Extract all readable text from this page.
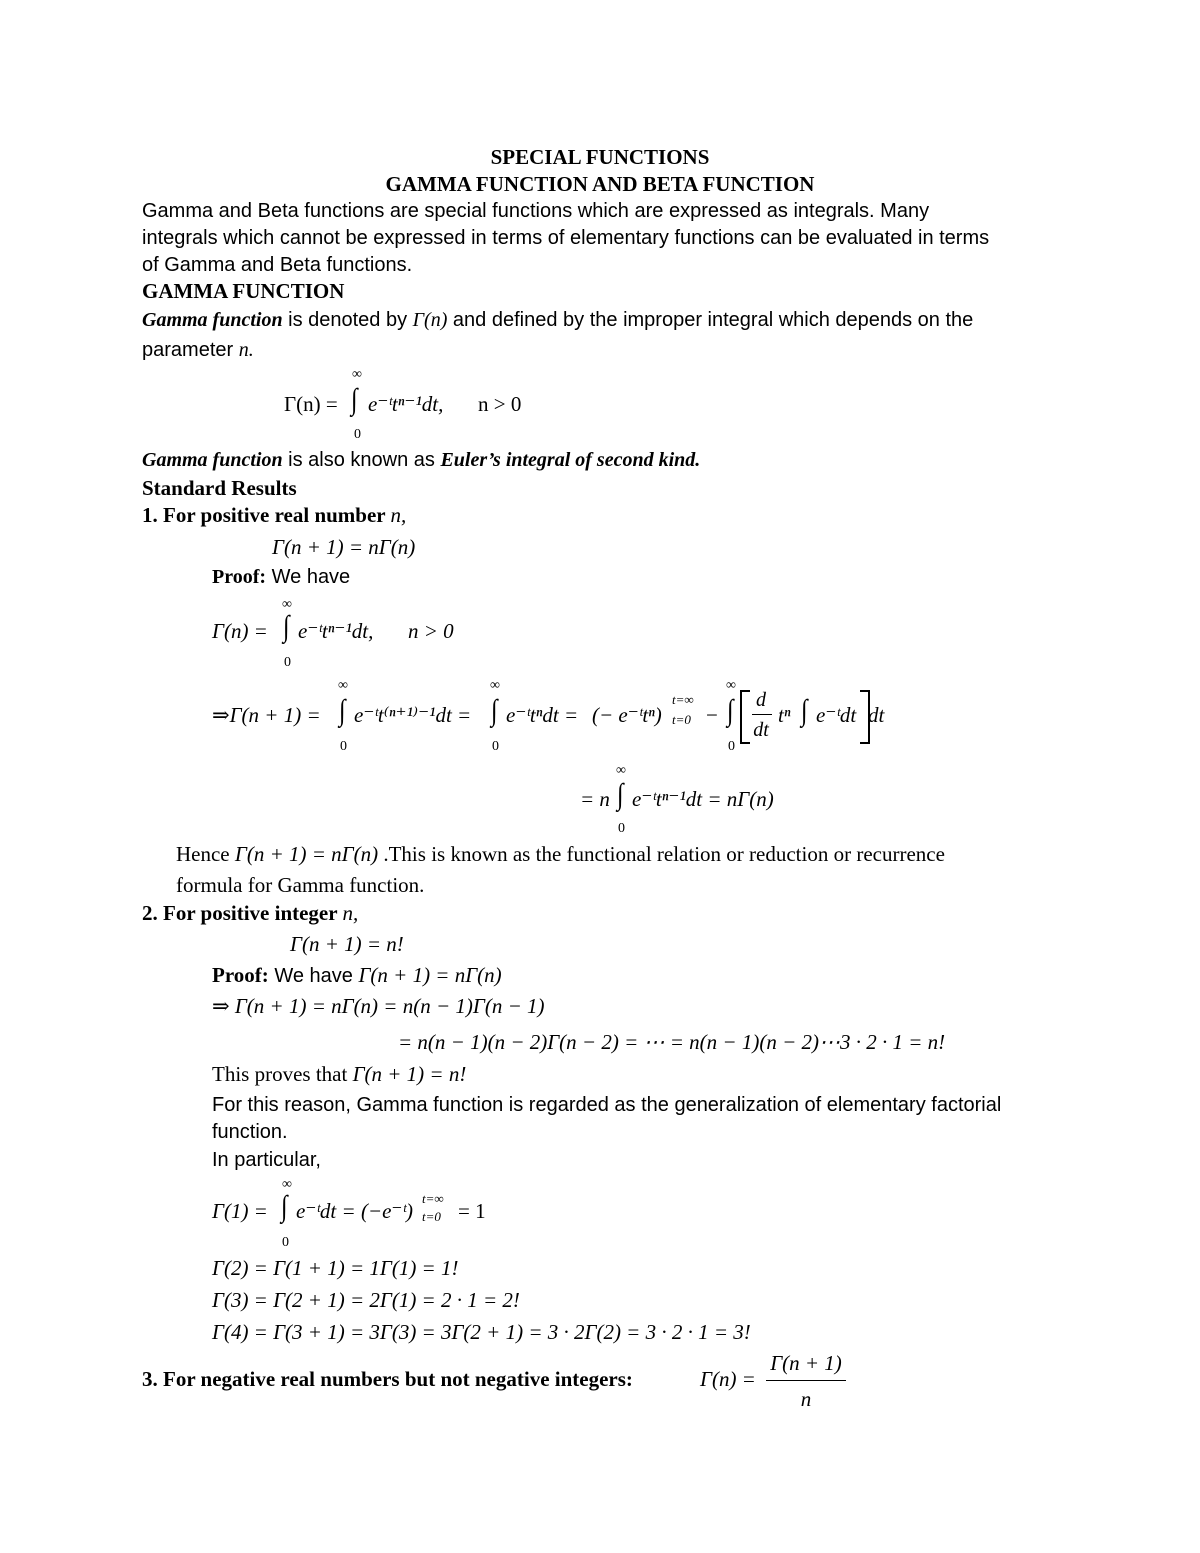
SPECIAL FUNCTIONS
GAMMA FUNCTION AND BETA FUNCTION
Gamma and Beta functions are special functions which are expressed as integrals. Many
integrals which cannot be expressed in terms of elementary functions can be evaluated in terms
of Gamma and Beta functions.
GAMMA FUNCTION
Gamma function is denoted by Γ(n) and defined by the improper integral which depends on the
parameter n.
∞
Γ(n) = ∫ e⁻ᵗtⁿ⁻¹dt, n > 0
0
Gamma function is also known as Euler’s integral of second kind.
Standard Results
1. For positive real number n,
Γ(n + 1) = nΓ(n)
Proof: We have
∞
Γ(n) = ∫ e⁻ᵗtⁿ⁻¹dt, n > 0
0
∞	∞	∞
⇒Γ(n + 1) = ∫ e⁻ᵗt⁽ⁿ⁺¹⁾⁻¹dt = ∫ e⁻ᵗtⁿdt = (− e⁻ᵗtⁿ)
t=∞
t=0 − ∫	d
dt
tⁿ ∫ e⁻ᵗdt dt
0	0	0
∞
= n ∫ e⁻ᵗtⁿ⁻¹dt = nΓ(n)
0
Hence Γ(n + 1) = nΓ(n) .This is known as the functional relation or reduction or recurrence
formula for Gamma function.
2. For positive integer n,
Γ(n + 1) = n!
Proof: We have Γ(n + 1) = nΓ(n)
⇒ Γ(n + 1) = nΓ(n) = n(n − 1)Γ(n − 1)
= n(n − 1)(n − 2)Γ(n − 2) = ⋯ = n(n − 1)(n − 2)⋯3 · 2 · 1 = n!
This proves that Γ(n + 1) = n!
For this reason, Gamma function is regarded as the generalization of elementary factorial
function.
In particular,
∞
Γ(1) = ∫ e⁻ᵗdt = (−e⁻ᵗ)
t=∞
t=0 = 1
0
Γ(2) = Γ(1 + 1) = 1Γ(1) = 1!
Γ(3) = Γ(2 + 1) = 2Γ(1) = 2 · 1 = 2!
Γ(4) = Γ(3 + 1) = 3Γ(3) = 3Γ(2 + 1) = 3 · 2Γ(2) = 3 · 2 · 1 = 3!
3. For negative real numbers but not negative integers:	Γ(n) =
Γ(n + 1)
n
